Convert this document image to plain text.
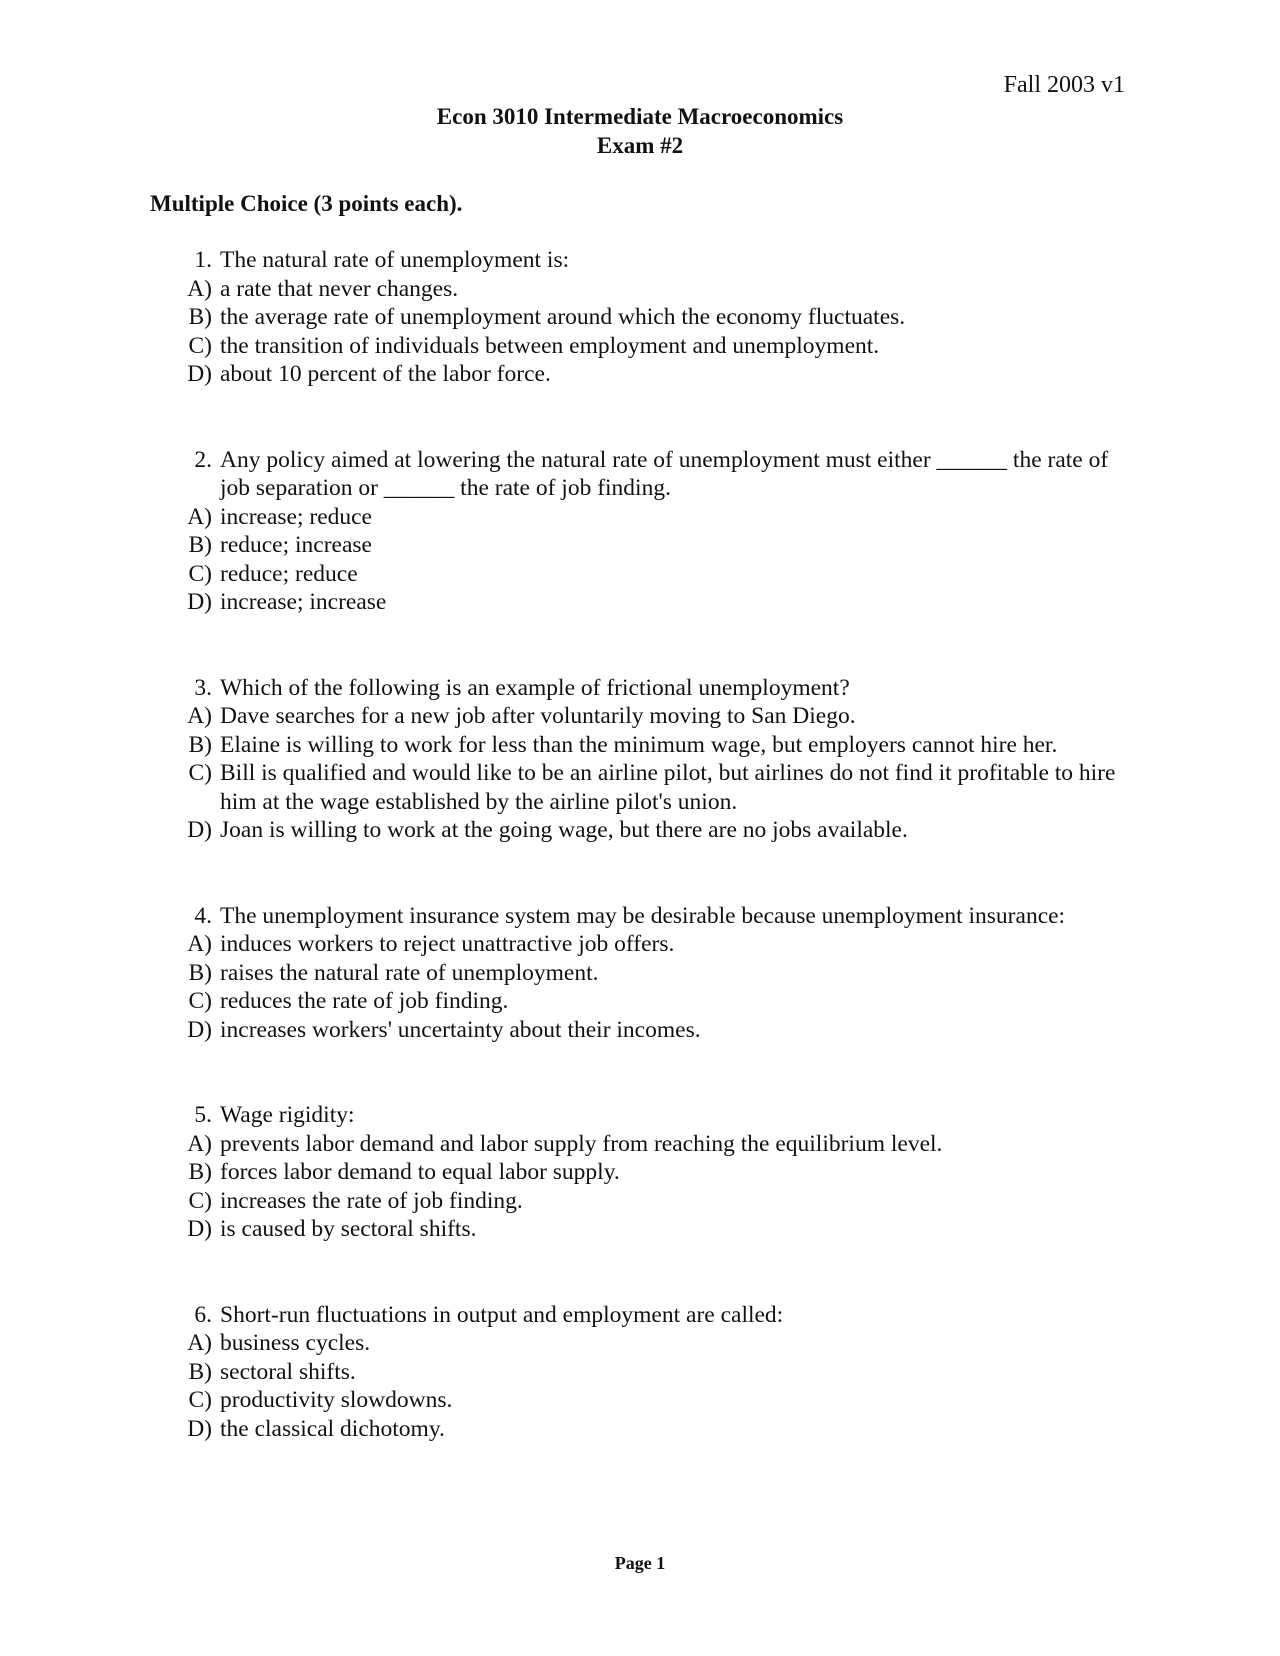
Fall 2003 v1
Econ 3010 Intermediate Macroeconomics
Exam #2
Multiple Choice (3 points each).
1. The natural rate of unemployment is:
A) a rate that never changes.
B) the average rate of unemployment around which the economy fluctuates.
C) the transition of individuals between employment and unemployment.
D) about 10 percent of the labor force.
2. Any policy aimed at lowering the natural rate of unemployment must either ______ the rate of job separation or ______ the rate of job finding.
A) increase; reduce
B) reduce; increase
C) reduce; reduce
D) increase; increase
3. Which of the following is an example of frictional unemployment?
A) Dave searches for a new job after voluntarily moving to San Diego.
B) Elaine is willing to work for less than the minimum wage, but employers cannot hire her.
C) Bill is qualified and would like to be an airline pilot, but airlines do not find it profitable to hire him at the wage established by the airline pilot's union.
D) Joan is willing to work at the going wage, but there are no jobs available.
4. The unemployment insurance system may be desirable because unemployment insurance:
A) induces workers to reject unattractive job offers.
B) raises the natural rate of unemployment.
C) reduces the rate of job finding.
D) increases workers' uncertainty about their incomes.
5. Wage rigidity:
A) prevents labor demand and labor supply from reaching the equilibrium level.
B) forces labor demand to equal labor supply.
C) increases the rate of job finding.
D) is caused by sectoral shifts.
6. Short-run fluctuations in output and employment are called:
A) business cycles.
B) sectoral shifts.
C) productivity slowdowns.
D) the classical dichotomy.
Page 1
